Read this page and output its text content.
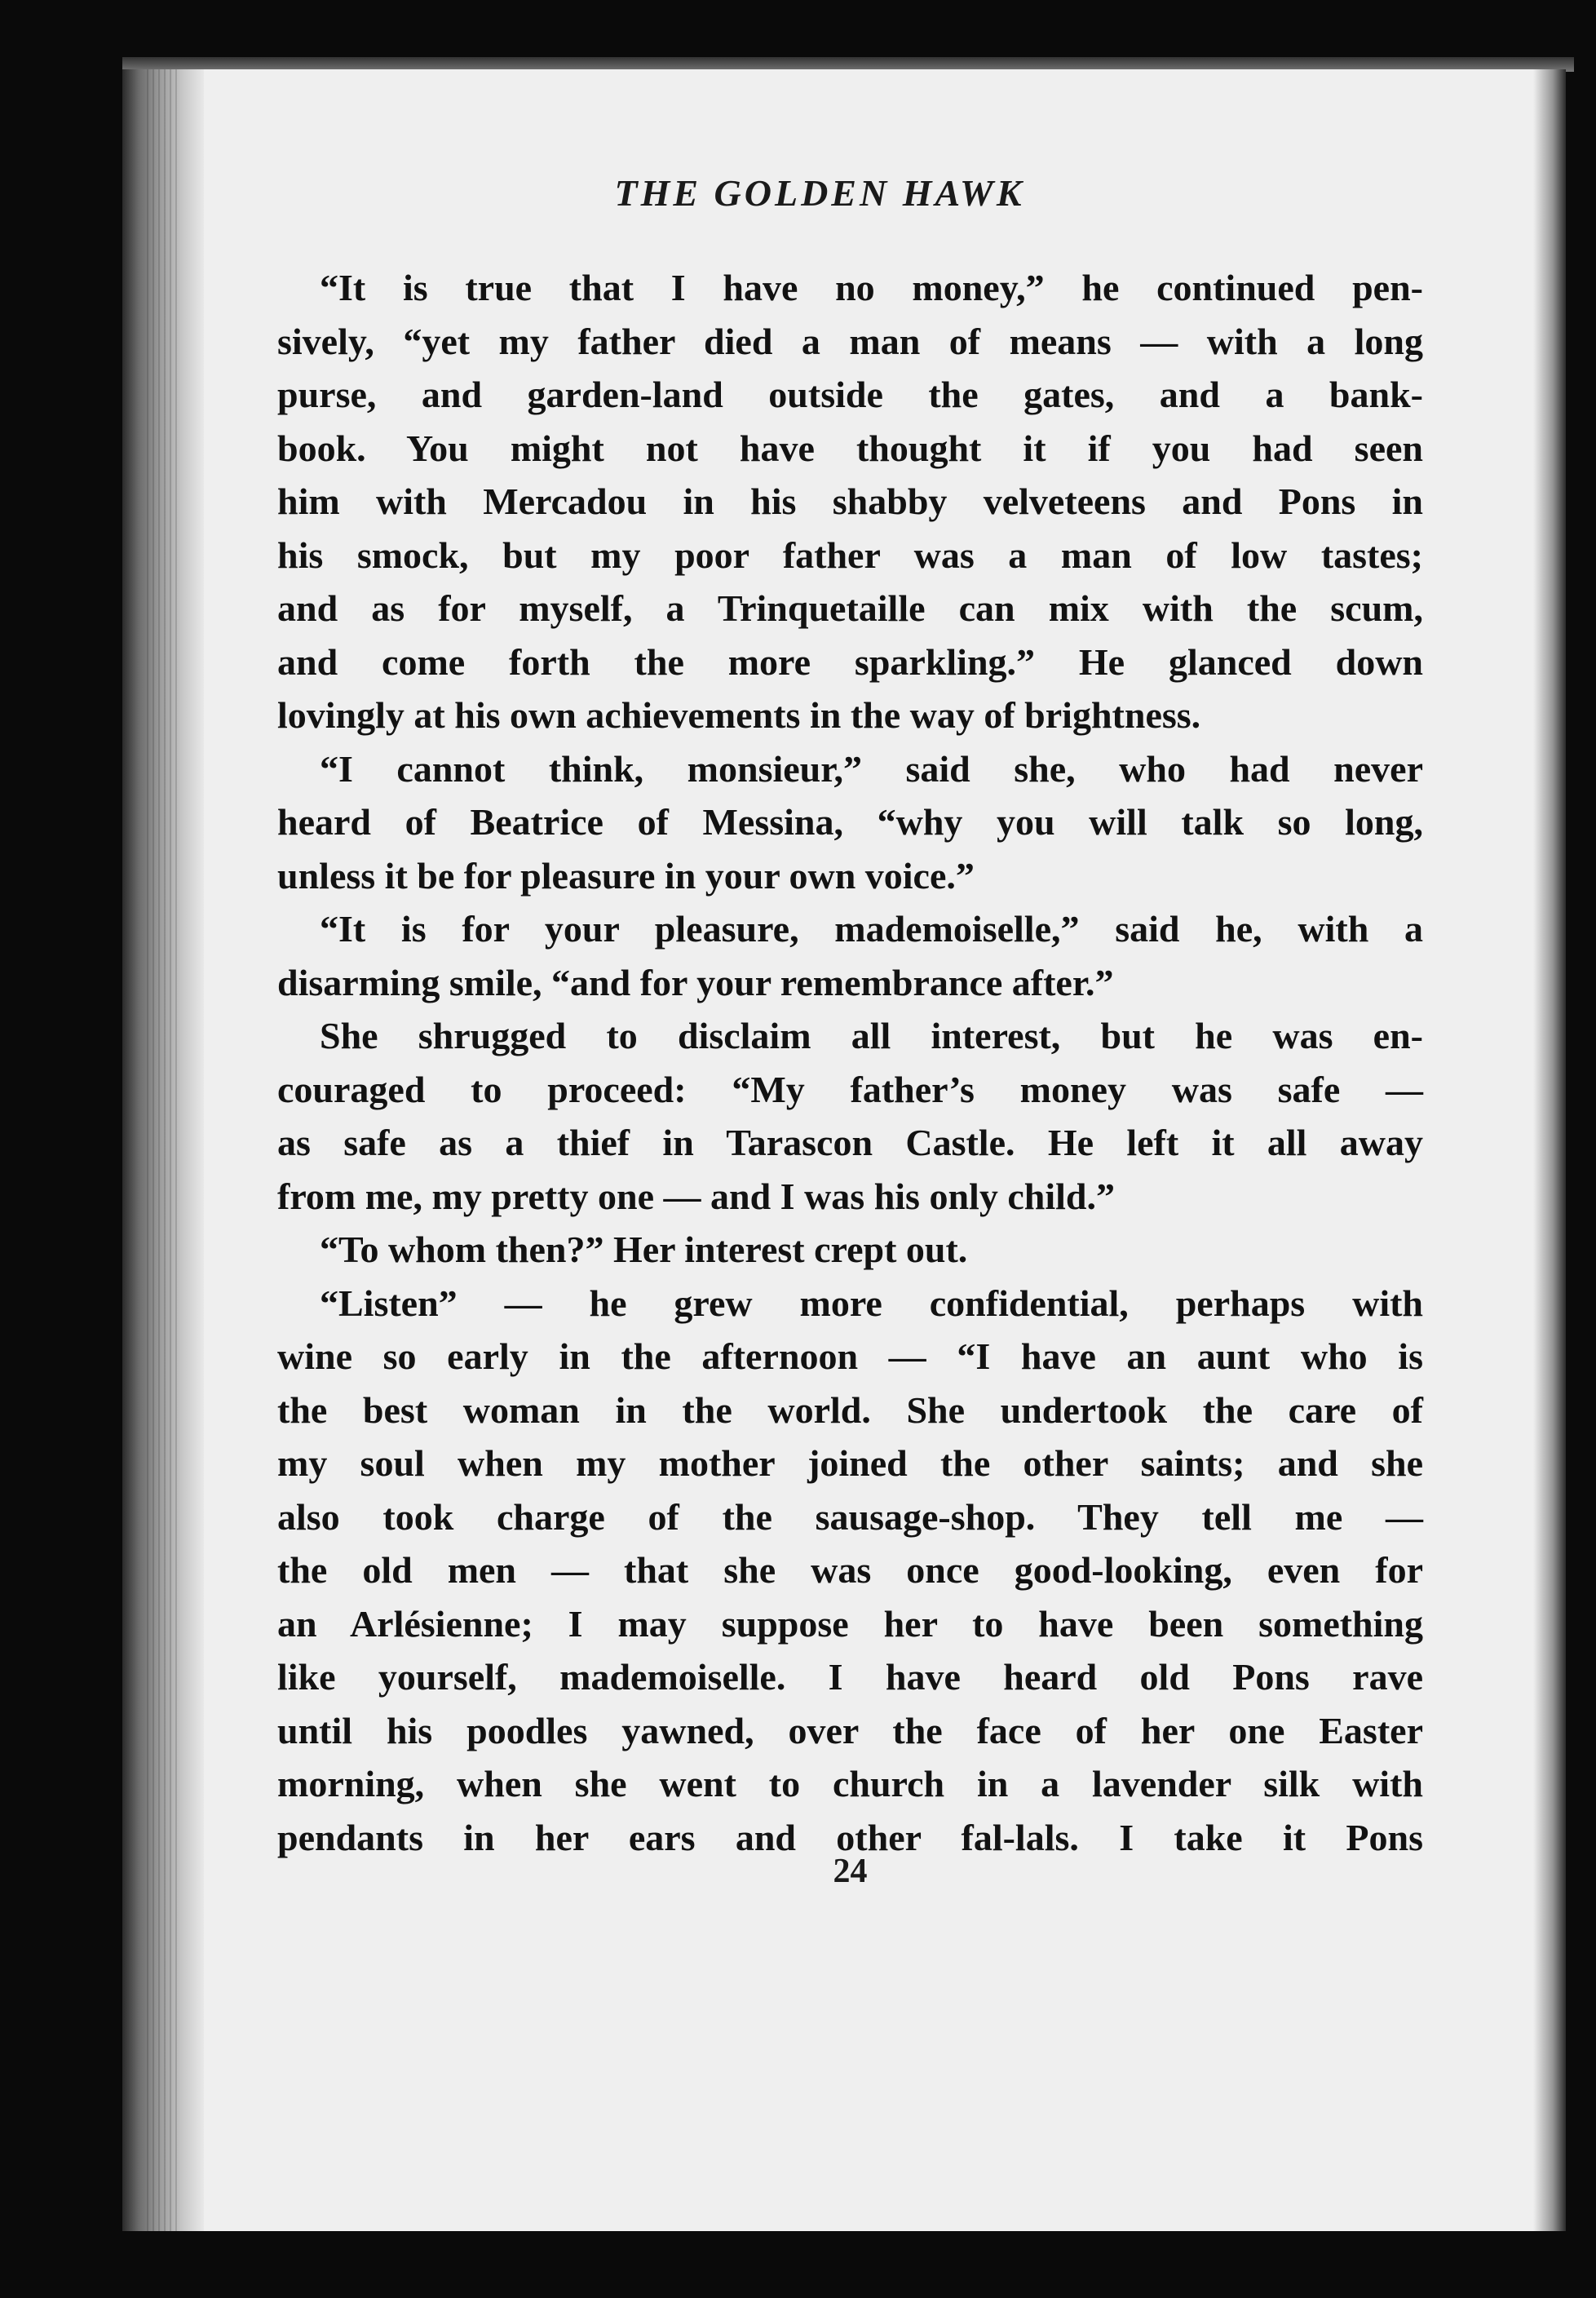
THE GOLDEN HAWK
“It is true that I have no money,” he continued pen-
sively, “yet my father died a man of means — with a long
purse, and garden-land outside the gates, and a bank-
book. You might not have thought it if you had seen
him with Mercadou in his shabby velveteens and Pons in
his smock, but my poor father was a man of low tastes;
and as for myself, a Trinquetaille can mix with the scum,
and come forth the more sparkling.” He glanced down
lovingly at his own achievements in the way of brightness.
“I cannot think, monsieur,” said she, who had never
heard of Beatrice of Messina, “why you will talk so long,
unless it be for pleasure in your own voice.”
“It is for your pleasure, mademoiselle,” said he, with a
disarming smile, “and for your remembrance after.”
She shrugged to disclaim all interest, but he was en-
couraged to proceed: “My father’s money was safe —
as safe as a thief in Tarascon Castle. He left it all away
from me, my pretty one — and I was his only child.”
“To whom then?” Her interest crept out.
“Listen” — he grew more confidential, perhaps with
wine so early in the afternoon — “I have an aunt who is
the best woman in the world. She undertook the care of
my soul when my mother joined the other saints; and she
also took charge of the sausage-shop. They tell me —
the old men — that she was once good-looking, even for
an Arlésienne; I may suppose her to have been something
like yourself, mademoiselle. I have heard old Pons rave
until his poodles yawned, over the face of her one Easter
morning, when she went to church in a lavender silk with
pendants in her ears and other fal-lals. I take it Pons
24
